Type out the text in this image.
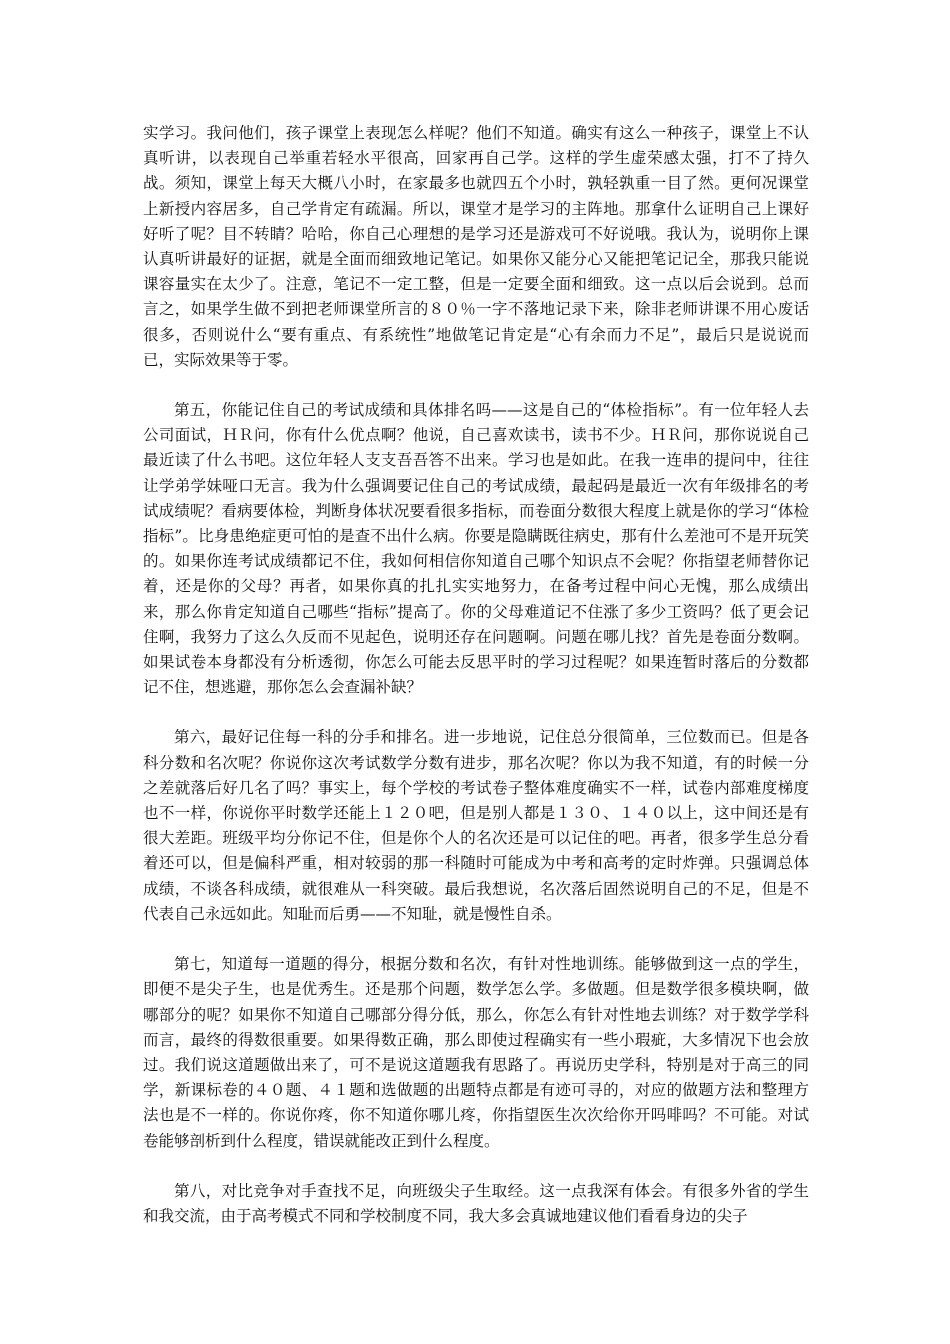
实学习。我问他们，孩子课堂上表现怎么样呢？他们不知道。确实有这么一种孩子，课堂上不认真听讲，以表现自己举重若轻水平很高，回家再自己学。这样的学生虚荣感太强，打不了持久战。须知，课堂上每天大概八小时，在家最多也就四五个小时，孰轻孰重一目了然。更何况课堂上新授内容居多，自己学肯定有疏漏。所以，课堂才是学习的主阵地。那拿什么证明自己上课好好听了呢？目不转睛？哈哈，你自己心理想的是学习还是游戏可不好说哦。我认为，说明你上课认真听讲最好的证据，就是全面而细致地记笔记。如果你又能分心又能把笔记记全，那我只能说课容量实在太少了。注意，笔记不一定工整，但是一定要全面和细致。这一点以后会说到。总而言之，如果学生做不到把老师课堂所言的８０％一字不落地记录下来，除非老师讲课不用心废话很多，否则说什么“要有重点、有系统性”地做笔记肯定是“心有余而力不足”，最后只是说说而已，实际效果等于零。

第五，你能记住自己的考试成绩和具体排名吗——这是自己的“体检指标”。有一位年轻人去公司面试，ＨＲ问，你有什么优点啊？他说，自己喜欢读书，读书不少。ＨＲ问，那你说说自己最近读了什么书吧。这位年轻人支支吾吾答不出来。学习也是如此。在我一连串的提问中，往往让学弟学妹哑口无言。我为什么强调要记住自己的考试成绩，最起码是最近一次有年级排名的考试成绩呢？看病要体检，判断身体状况要看很多指标，而卷面分数很大程度上就是你的学习“体检指标”。比身患绝症更可怕的是查不出什么病。你要是隐瞒既往病史，那有什么差池可不是开玩笑的。如果你连考试成绩都记不住，我如何相信你知道自己哪个知识点不会呢？你指望老师替你记着，还是你的父母？再者，如果你真的扎扎实实地努力，在备考过程中问心无愧，那么成绩出来，那么你肯定知道自己哪些“指标”提高了。你的父母难道记不住涨了多少工资吗？低了更会记住啊，我努力了这么久反而不见起色，说明还存在问题啊。问题在哪儿找？首先是卷面分数啊。如果试卷本身都没有分析透彻，你怎么可能去反思平时的学习过程呢？如果连暂时落后的分数都记不住，想逃避，那你怎么会查漏补缺？

第六，最好记住每一科的分手和排名。进一步地说，记住总分很简单，三位数而已。但是各科分数和名次呢？你说你这次考试数学分数有进步，那名次呢？你以为我不知道，有的时候一分之差就落后好几名了吗？事实上，每个学校的考试卷子整体难度确实不一样，试卷内部难度梯度也不一样，你说你平时数学还能上１２０吧，但是别人都是１３０、１４０以上，这中间还是有很大差距。班级平均分你记不住，但是你个人的名次还是可以记住的吧。再者，很多学生总分看着还可以，但是偏科严重，相对较弱的那一科随时可能成为中考和高考的定时炸弹。只强调总体成绩，不谈各科成绩，就很难从一科突破。最后我想说，名次落后固然说明自己的不足，但是不代表自己永远如此。知耻而后勇——不知耻，就是慢性自杀。

第七，知道每一道题的得分，根据分数和名次，有针对性地训练。能够做到这一点的学生，即便不是尖子生，也是优秀生。还是那个问题，数学怎么学。多做题。但是数学很多模块啊，做哪部分的呢？如果你不知道自己哪部分得分低，那么，你怎么有针对性地去训练？对于数学学科而言，最终的得数很重要。如果得数正确，那么即使过程确实有一些小瑕疵，大多情况下也会放过。我们说这道题做出来了，可不是说这道题我有思路了。再说历史学科，特别是对于高三的同学，新课标卷的４０题、４１题和选做题的出题特点都是有迹可寻的，对应的做题方法和整理方法也是不一样的。你说你疼，你不知道你哪儿疼，你指望医生次次给你开吗啡吗？不可能。对试卷能够剖析到什么程度，错误就能改正到什么程度。

第八，对比竞争对手查找不足，向班级尖子生取经。这一点我深有体会。有很多外省的学生和我交流，由于高考模式不同和学校制度不同，我大多会真诚地建议他们看看身边的尖子
